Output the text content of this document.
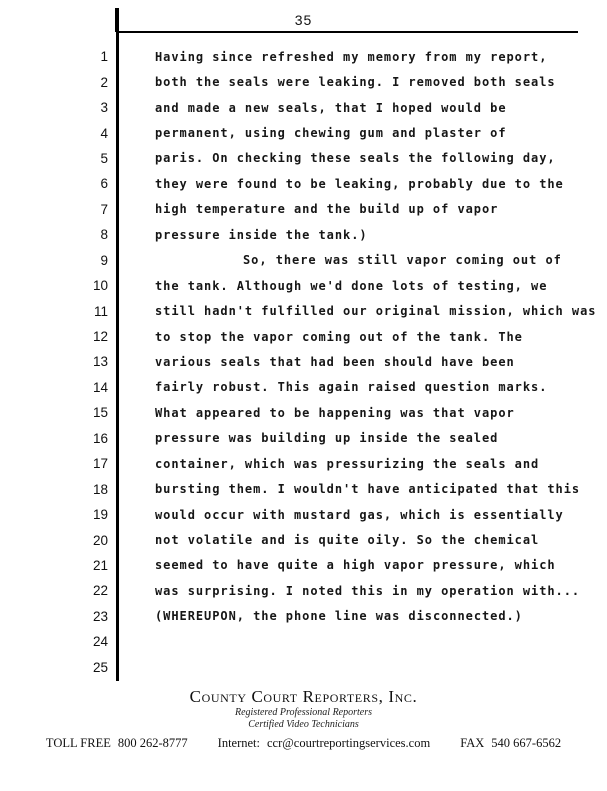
35
1	Having since refreshed my memory from my report,
2	both the seals were leaking. I removed both seals
3	and made a new seals, that I hoped would be
4	permanent, using chewing gum and plaster of
5	paris. On checking these seals the following day,
6	they were found to be leaking, probably due to the
7	high temperature and the build up of vapor
8	pressure inside the tank.)
9	So, there was still vapor coming out of
10	the tank. Although we'd done lots of testing, we
11	still hadn't fulfilled our original mission, which was
12	to stop the vapor coming out of the tank. The
13	various seals that had been should have been
14	fairly robust. This again raised question marks.
15	What appeared to be happening was that vapor
16	pressure was building up inside the sealed
17	container, which was pressurizing the seals and
18	bursting them. I wouldn't have anticipated that this
19	would occur with mustard gas, which is essentially
20	not volatile and is quite oily. So the chemical
21	seemed to have quite a high vapor pressure, which
22	was surprising. I noted this in my operation with...
23	(WHEREUPON, the phone line was disconnected.)
24
25
County Court Reporters, Inc.
Registered Professional Reporters
Certified Video Technicians
TOLL FREE 800 262-8777 Internet: ccr@courtreportingservices.com FAX 540 667-6562
